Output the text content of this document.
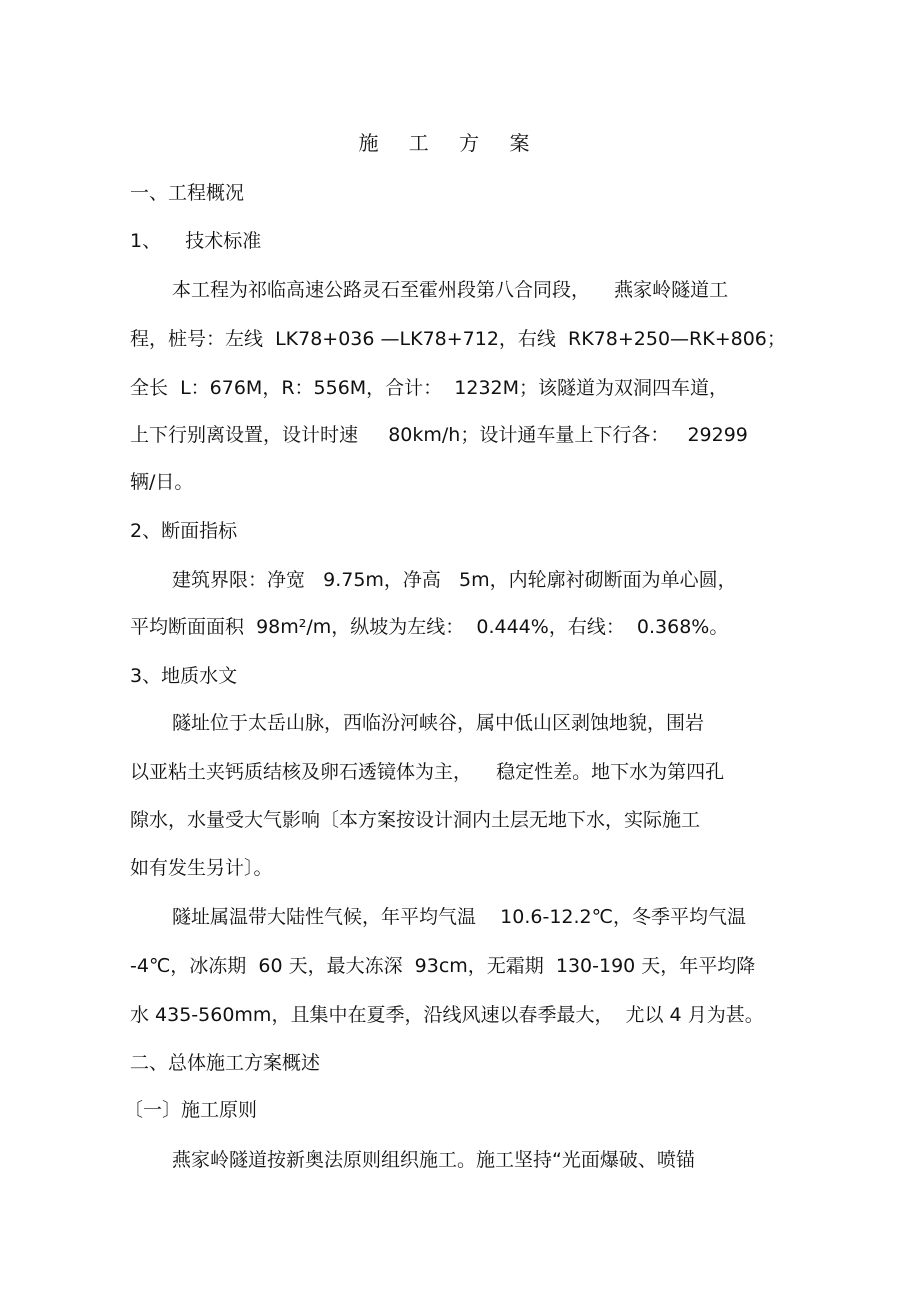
施 工 方 案
一、工程概况
1、    技术标准
本工程为祁临高速公路灵石至霍州段第八合同段，    燕家岭隧道工
程，桩号：左线  LK78+036 —LK78+712，右线  RK78+250—RK+806；
全长  L：676M，R：556M，合计：  1232M；该隧道为双洞四车道，
上下行别离设置，设计时速     80km/h；设计通车量上下行各：   29299
辆/日。
2、断面指标
建筑界限：净宽   9.75m，净高   5m，内轮廓衬砌断面为单心圆，
平均断面面积  98m²/m，纵坡为左线：  0.444%，右线：  0.368%。
3、地质水文
隧址位于太岳山脉，西临汾河峡谷，属中低山区剥蚀地貌，围岩
以亚粘土夹钙质结核及卵石透镜体为主，    稳定性差。地下水为第四孔
隙水，水量受大气影响〔本方案按设计洞内土层无地下水，实际施工
如有发生另计〕。
隧址属温带大陆性气候，年平均气温    10.6-12.2℃，冬季平均气温
-4℃，冰冻期  60 天，最大冻深  93cm，无霜期  130-190 天，年平均降
水 435-560mm，且集中在夏季，沿线风速以春季最大，  尤以 4 月为甚。
二、总体施工方案概述
〔一〕施工原则
燕家岭隧道按新奥法原则组织施工。施工坚持“光面爆破、喷锚
